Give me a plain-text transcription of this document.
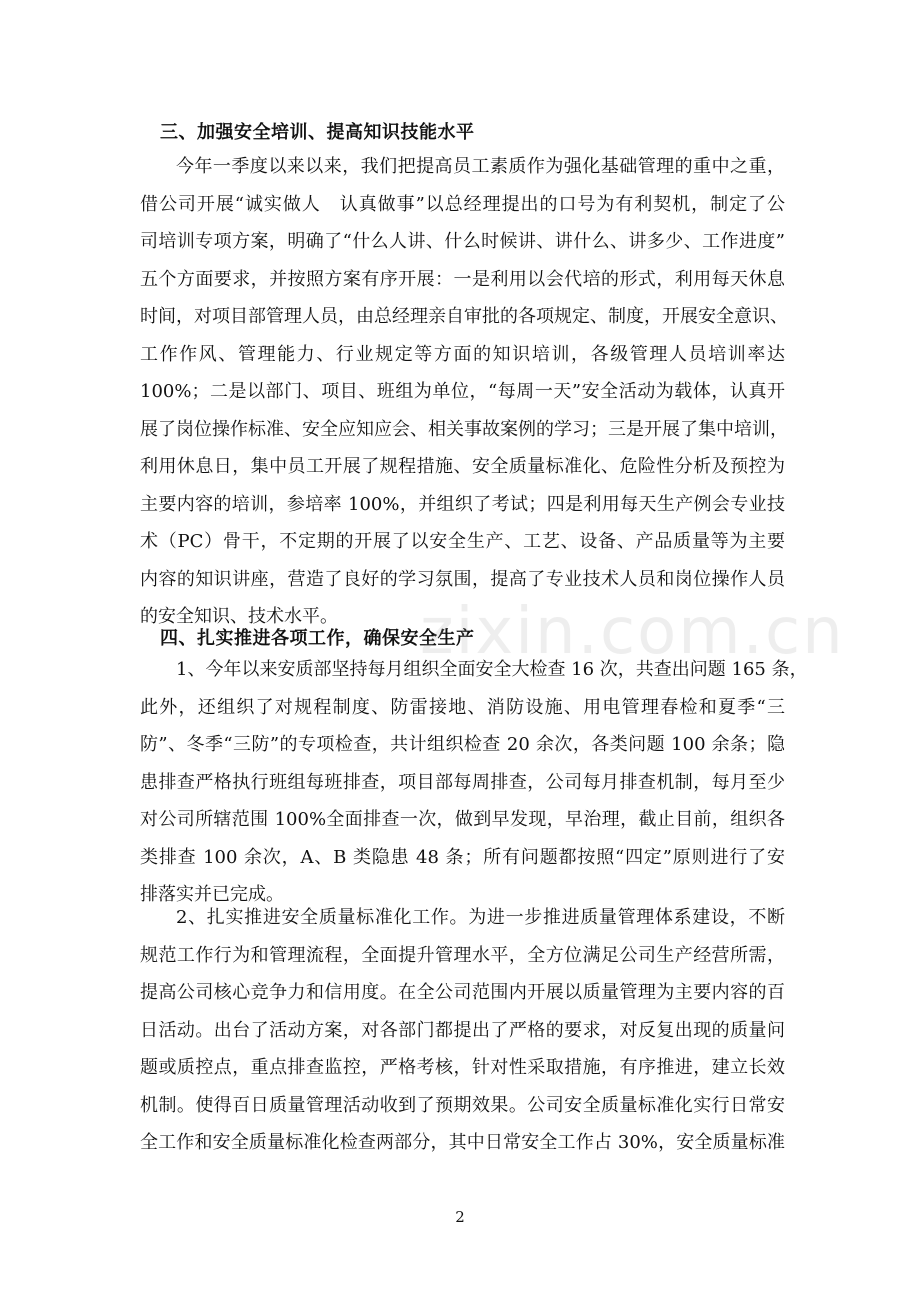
三、加强安全培训、提高知识技能水平

今年一季度以来以来，我们把提高员工素质作为强化基础管理的重中之重，

借公司开展“诚实做人　认真做事”以总经理提出的口号为有利契机，制定了公

司培训专项方案，明确了“什么人讲、什么时候讲、讲什么、讲多少、工作进度”

五个方面要求，并按照方案有序开展：一是利用以会代培的形式，利用每天休息

时间，对项目部管理人员，由总经理亲自审批的各项规定、制度，开展安全意识、

工作作风、管理能力、行业规定等方面的知识培训，各级管理人员培训率达

100%；二是以部门、项目、班组为单位，“每周一天”安全活动为载体，认真开

展了岗位操作标准、安全应知应会、相关事故案例的学习；三是开展了集中培训，

利用休息日，集中员工开展了规程措施、安全质量标准化、危险性分析及预控为

主要内容的培训，参培率 100%，并组织了考试；四是利用每天生产例会专业技

术（PC）骨干，不定期的开展了以安全生产、工艺、设备、产品质量等为主要

内容的知识讲座，营造了良好的学习氛围，提高了专业技术人员和岗位操作人员

的安全知识、技术水平。

四、扎实推进各项工作，确保安全生产

1、今年以来安质部坚持每月组织全面安全大检查 16 次，共查出问题 165 条，

此外，还组织了对规程制度、防雷接地、消防设施、用电管理春检和夏季“三

防”、冬季“三防”的专项检查，共计组织检查 20 余次，各类问题 100 余条；隐

患排查严格执行班组每班排查，项目部每周排查，公司每月排查机制，每月至少

对公司所辖范围 100%全面排查一次，做到早发现，早治理，截止目前，组织各

类排查 100 余次，A、B 类隐患 48 条；所有问题都按照“四定”原则进行了安

排落实并已完成。

2、扎实推进安全质量标准化工作。为进一步推进质量管理体系建设，不断

规范工作行为和管理流程，全面提升管理水平，全方位满足公司生产经营所需，

提高公司核心竞争力和信用度。在全公司范围内开展以质量管理为主要内容的百

日活动。出台了活动方案，对各部门都提出了严格的要求，对反复出现的质量问

题或质控点，重点排查监控，严格考核，针对性采取措施，有序推进，建立长效

机制。使得百日质量管理活动收到了预期效果。公司安全质量标准化实行日常安

全工作和安全质量标准化检查两部分，其中日常安全工作占 30%，安全质量标准

zixin.com.cn
2
